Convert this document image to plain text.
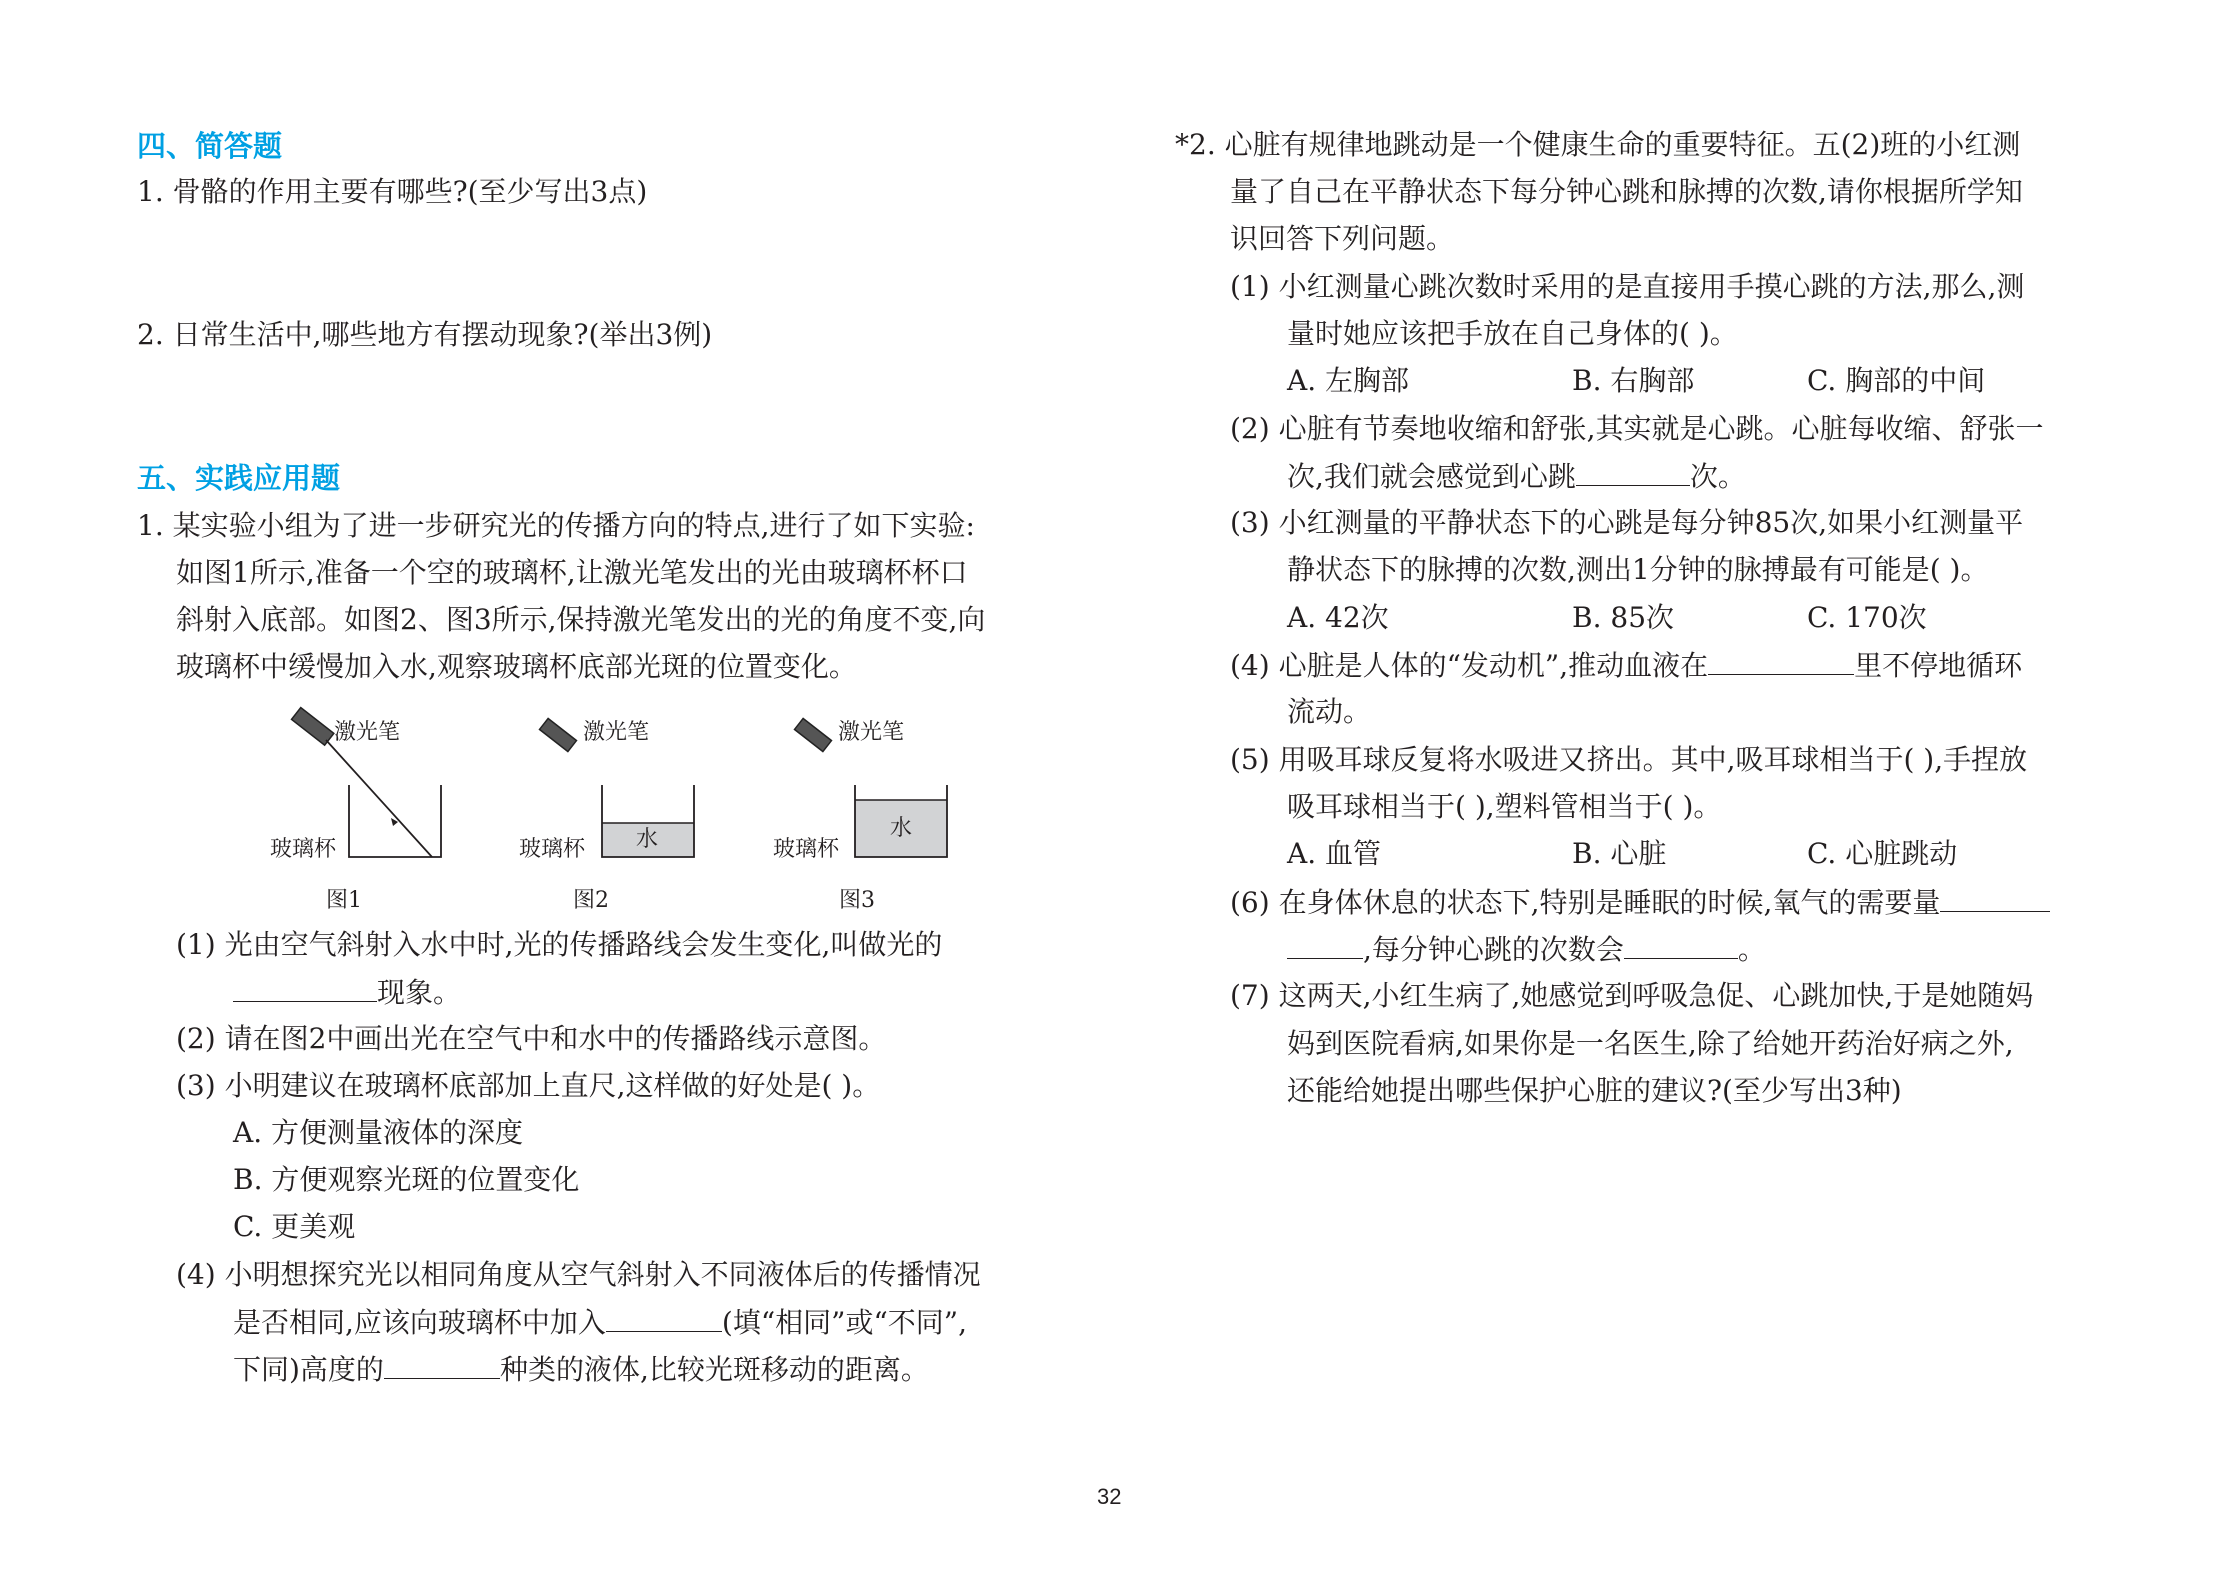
四、简答题
1. 骨骼的作用主要有哪些?(至少写出3点)
2. 日常生活中,哪些地方有摆动现象?(举出3例)
五、实践应用题
1. 某实验小组为了进一步研究光的传播方向的特点,进行了如下实验:
如图1所示,准备一个空的玻璃杯,让激光笔发出的光由玻璃杯杯口
斜射入底部。如图2、图3所示,保持激光笔发出的光的角度不变,向
玻璃杯中缓慢加入水,观察玻璃杯底部光斑的位置变化。
激光笔
玻璃杯
图1
激光笔
水
玻璃杯
图2
激光笔
水
玻璃杯
图3
(1) 光由空气斜射入水中时,光的传播路线会发生变化,叫做光的
现象。
(2) 请在图2中画出光在空气中和水中的传播路线示意图。
(3) 小明建议在玻璃杯底部加上直尺,这样做的好处是( )。
A. 方便测量液体的深度
B. 方便观察光斑的位置变化
C. 更美观
(4) 小明想探究光以相同角度从空气斜射入不同液体后的传播情况
是否相同,应该向玻璃杯中加入	(填“相同”或“不同”,
下同)高度的	种类的液体,比较光斑移动的距离。
*2. 心脏有规律地跳动是一个健康生命的重要特征。五(2)班的小红测
量了自己在平静状态下每分钟心跳和脉搏的次数,请你根据所学知
识回答下列问题。
(1) 小红测量心跳次数时采用的是直接用手摸心跳的方法,那么,测
量时她应该把手放在自己身体的( )。
A. 左胸部	B. 右胸部	C. 胸部的中间
(2) 心脏有节奏地收缩和舒张,其实就是心跳。心脏每收缩、舒张一
次,我们就会感觉到心跳	次。
(3) 小红测量的平静状态下的心跳是每分钟85次,如果小红测量平
静状态下的脉搏的次数,测出1分钟的脉搏最有可能是( )。
A. 42次	B. 85次	C. 170次
(4) 心脏是人体的“发动机”,推动血液在	里不停地循环
流动。
(5) 用吸耳球反复将水吸进又挤出。其中,吸耳球相当于( ),手捏放
吸耳球相当于( ),塑料管相当于( )。
A. 血管	B. 心脏	C. 心脏跳动
(6) 在身体休息的状态下,特别是睡眠的时候,氧气的需要量
,每分钟心跳的次数会	。
(7) 这两天,小红生病了,她感觉到呼吸急促、心跳加快,于是她随妈
妈到医院看病,如果你是一名医生,除了给她开药治好病之外,
还能给她提出哪些保护心脏的建议?(至少写出3种)
32
